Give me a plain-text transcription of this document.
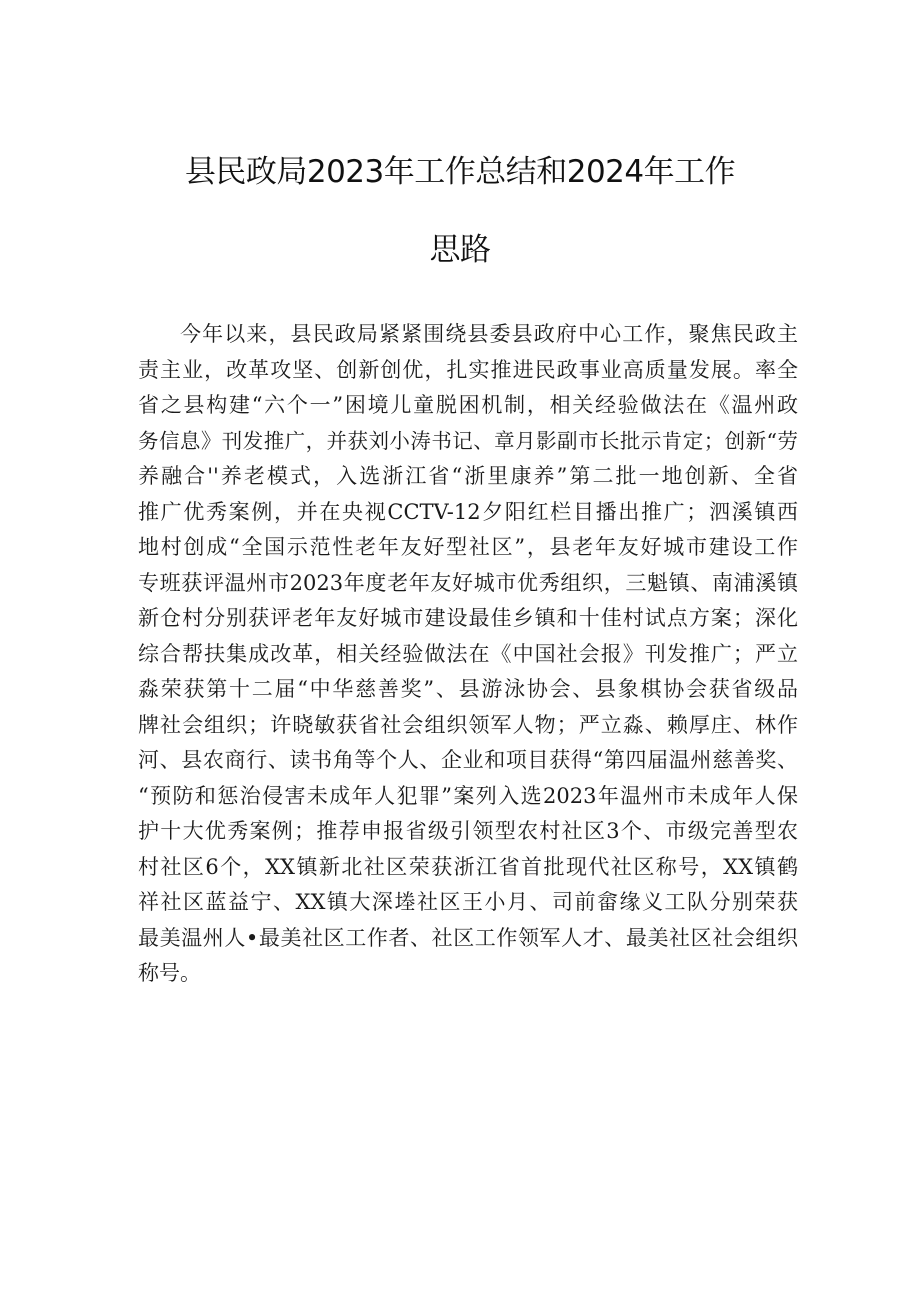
县民政局2023年工作总结和2024年工作
思路
今年以来，县民政局紧紧围绕县委县政府中心工作，聚焦民政主
责主业，改革攻坚、创新创优，扎实推进民政事业高质量发展。率全
省之县构建“六个一”困境儿童脱困机制，相关经验做法在《温州政
务信息》刊发推广，并获刘小涛书记、章月影副市长批示肯定；创新“劳
养融合''养老模式，入选浙江省“浙里康养”第二批一地创新、全省
推广优秀案例，并在央视CCTV-12夕阳红栏目播出推广；泗溪镇西
地村创成“全国示范性老年友好型社区”，县老年友好城市建设工作
专班获评温州市2023年度老年友好城市优秀组织，三魁镇、南浦溪镇
新仓村分别获评老年友好城市建设最佳乡镇和十佳村试点方案；深化
综合帮扶集成改革，相关经验做法在《中国社会报》刊发推广；严立
淼荣获第十二届“中华慈善奖”、县游泳协会、县象棋协会获省级品
牌社会组织；许晓敏获省社会组织领军人物；严立淼、赖厚庄、林作
河、县农商行、读书角等个人、企业和项目获得“第四届温州慈善奖、
“预防和惩治侵害未成年人犯罪”案列入选2023年温州市未成年人保
护十大优秀案例；推荐申报省级引领型农村社区3个、市级完善型农
村社区6个，XX镇新北社区荣获浙江省首批现代社区称号，XX镇鹤
祥社区蓝益宁、XX镇大深堘社区王小月、司前畲缘义工队分别荣获
最美温州人•最美社区工作者、社区工作领军人才、最美社区社会组织
称号。
